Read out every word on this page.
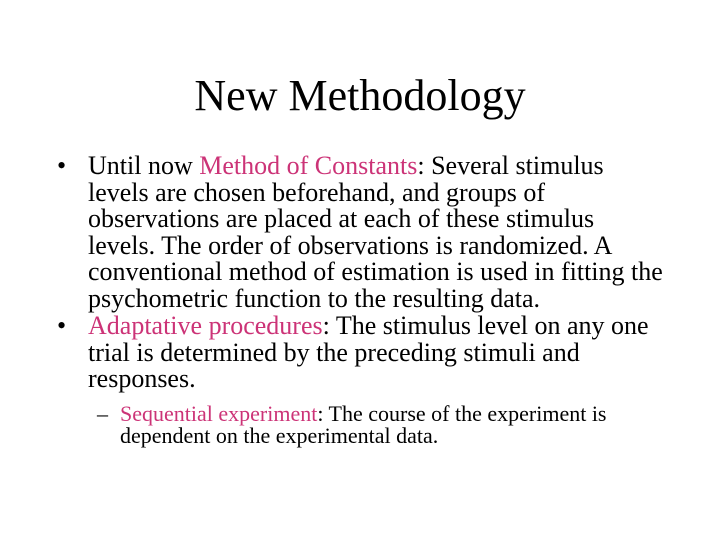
New Methodology
• Until now Method of Constants: Several stimulus levels are chosen beforehand, and groups of observations are placed at each of these stimulus levels. The order of observations is randomized. A conventional method of estimation is used in fitting the psychometric function to the resulting data.
• Adaptative procedures: The stimulus level on any one trial is determined by the preceding stimuli and responses.
– Sequential experiment: The course of the experiment is dependent on the experimental data.
